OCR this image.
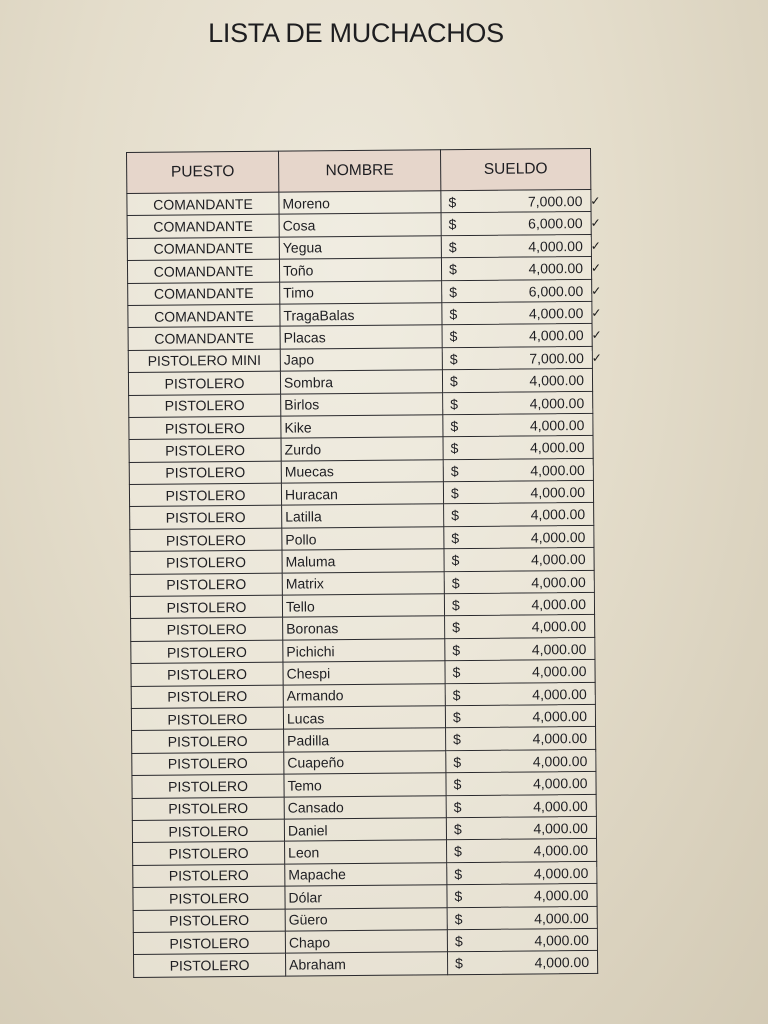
LISTA DE MUCHACHOS
PUESTO	NOMBRE	SUELDO
COMANDANTE	Moreno	$ 7,000.00 ✓

COMANDANTE	Cosa	$ 6,000.00 ✓

COMANDANTE	Yegua	$ 4,000.00 ✓

COMANDANTE	Toño	$ 4,000.00 ✓

COMANDANTE	Timo	$ 6,000.00 ✓

COMANDANTE	TragaBalas	$ 4,000.00 ✓

COMANDANTE	Placas	$ 4,000.00 ✓

PISTOLERO MINI	Japo	$ 7,000.00 ✓

PISTOLERO	Sombra	$ 4,000.00

PISTOLERO	Birlos	$ 4,000.00

PISTOLERO	Kike	$ 4,000.00

PISTOLERO	Zurdo	$ 4,000.00

PISTOLERO	Muecas	$ 4,000.00

PISTOLERO	Huracan	$ 4,000.00

PISTOLERO	Latilla	$ 4,000.00

PISTOLERO	Pollo	$ 4,000.00

PISTOLERO	Maluma	$ 4,000.00

PISTOLERO	Matrix	$ 4,000.00

PISTOLERO	Tello	$ 4,000.00

PISTOLERO	Boronas	$ 4,000.00

PISTOLERO	Pichichi	$ 4,000.00

PISTOLERO	Chespi	$ 4,000.00

PISTOLERO	Armando	$ 4,000.00

PISTOLERO	Lucas	$ 4,000.00

PISTOLERO	Padilla	$ 4,000.00

PISTOLERO	Cuapeño	$ 4,000.00

PISTOLERO	Temo	$ 4,000.00

PISTOLERO	Cansado	$ 4,000.00

PISTOLERO	Daniel	$ 4,000.00

PISTOLERO	Leon	$ 4,000.00

PISTOLERO	Mapache	$ 4,000.00

PISTOLERO	Dólar	$ 4,000.00

PISTOLERO	Güero	$ 4,000.00

PISTOLERO	Chapo	$ 4,000.00

PISTOLERO	Abraham	$ 4,000.00
